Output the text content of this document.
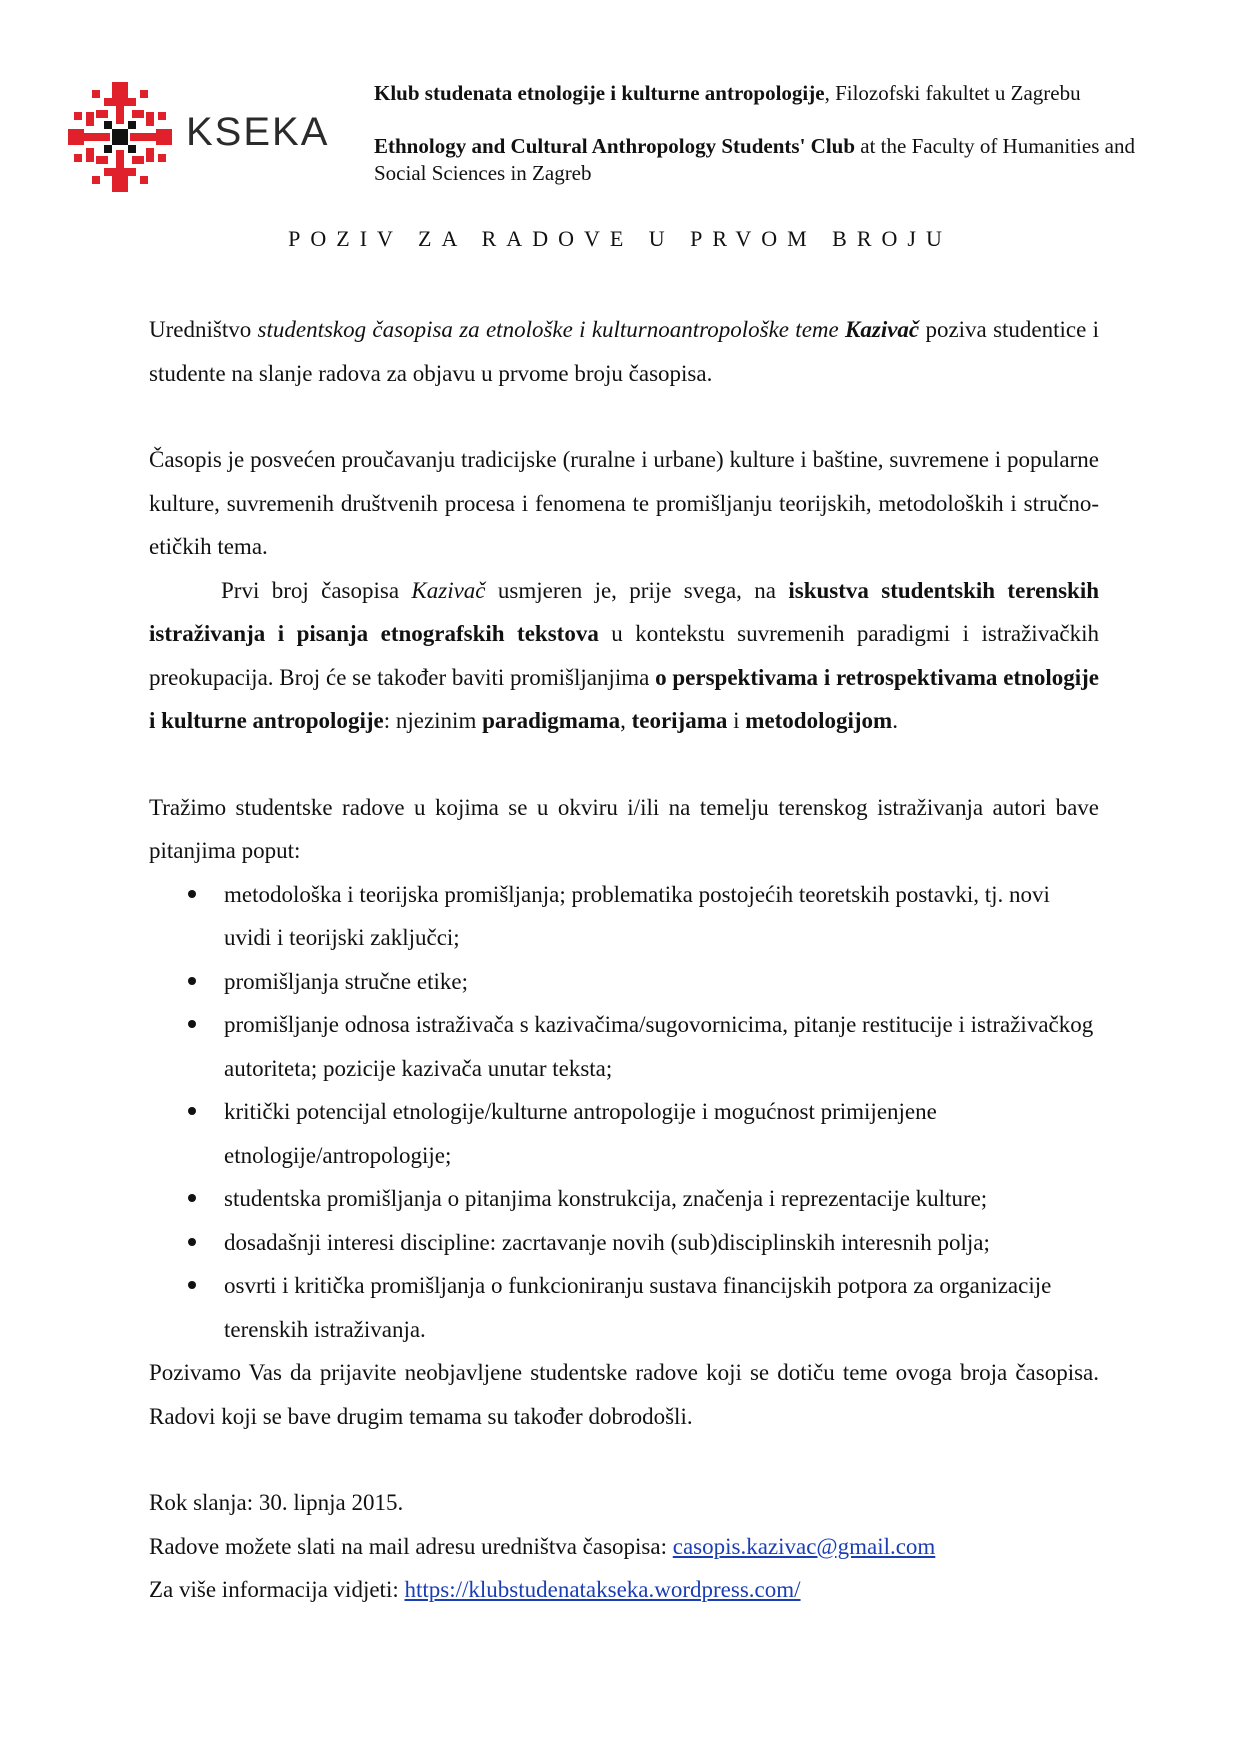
KSEKA

Klub studenata etnologije i kulturne antropologije, Filozofski fakultet u Zagrebu

Ethnology and Cultural Anthropology Students' Club at the Faculty of Humanities and Social Sciences in Zagreb

POZIV ZA RADOVE U PRVOM BROJU

Uredništvo studentskog časopisa za etnološke i kulturnoantropološke teme Kazivač poziva studentice i studente na slanje radova za objavu u prvome broju časopisa.

Časopis je posvećen proučavanju tradicijske (ruralne i urbane) kulture i baštine, suvremene i popularne kulture, suvremenih društvenih procesa i fenomena te promišljanju teorijskih, metodoloških i stručno-etičkih tema.

Prvi broj časopisa Kazivač usmjeren je, prije svega, na iskustva studentskih terenskih istraživanja i pisanja etnografskih tekstova u kontekstu suvremenih paradigmi i istraživačkih preokupacija. Broj će se također baviti promišljanjima o perspektivama i retrospektivama etnologije i kulturne antropologije: njezinim paradigmama, teorijama i metodologijom.

Tražimo studentske radove u kojima se u okviru i/ili na temelju terenskog istraživanja autori bave pitanjima poput:

metodološka i teorijska promišljanja; problematika postojećih teoretskih postavki, tj. novi uvidi i teorijski zaključci;
promišljanja stručne etike;
promišljanje odnosa istraživača s kazivačima/sugovornicima, pitanje restitucije i istraživačkog autoriteta; pozicije kazivača unutar teksta;
kritički potencijal etnologije/kulturne antropologije i mogućnost primijenjene etnologije/antropologije;
studentska promišljanja o pitanjima konstrukcija, značenja i reprezentacije kulture;
dosadašnji interesi discipline: zacrtavanje novih (sub)disciplinskih interesnih polja;
osvrti i kritička promišljanja o funkcioniranju sustava financijskih potpora za organizacije terenskih istraživanja.

Pozivamo Vas da prijavite neobjavljene studentske radove koji se dotiču teme ovoga broja časopisa. Radovi koji se bave drugim temama su također dobrodošli.

Rok slanja: 30. lipnja 2015.

Radove možete slati na mail adresu uredništva časopisa: casopis.kazivac@gmail.com

Za više informacija vidjeti: https://klubstudenatakseka.wordpress.com/
